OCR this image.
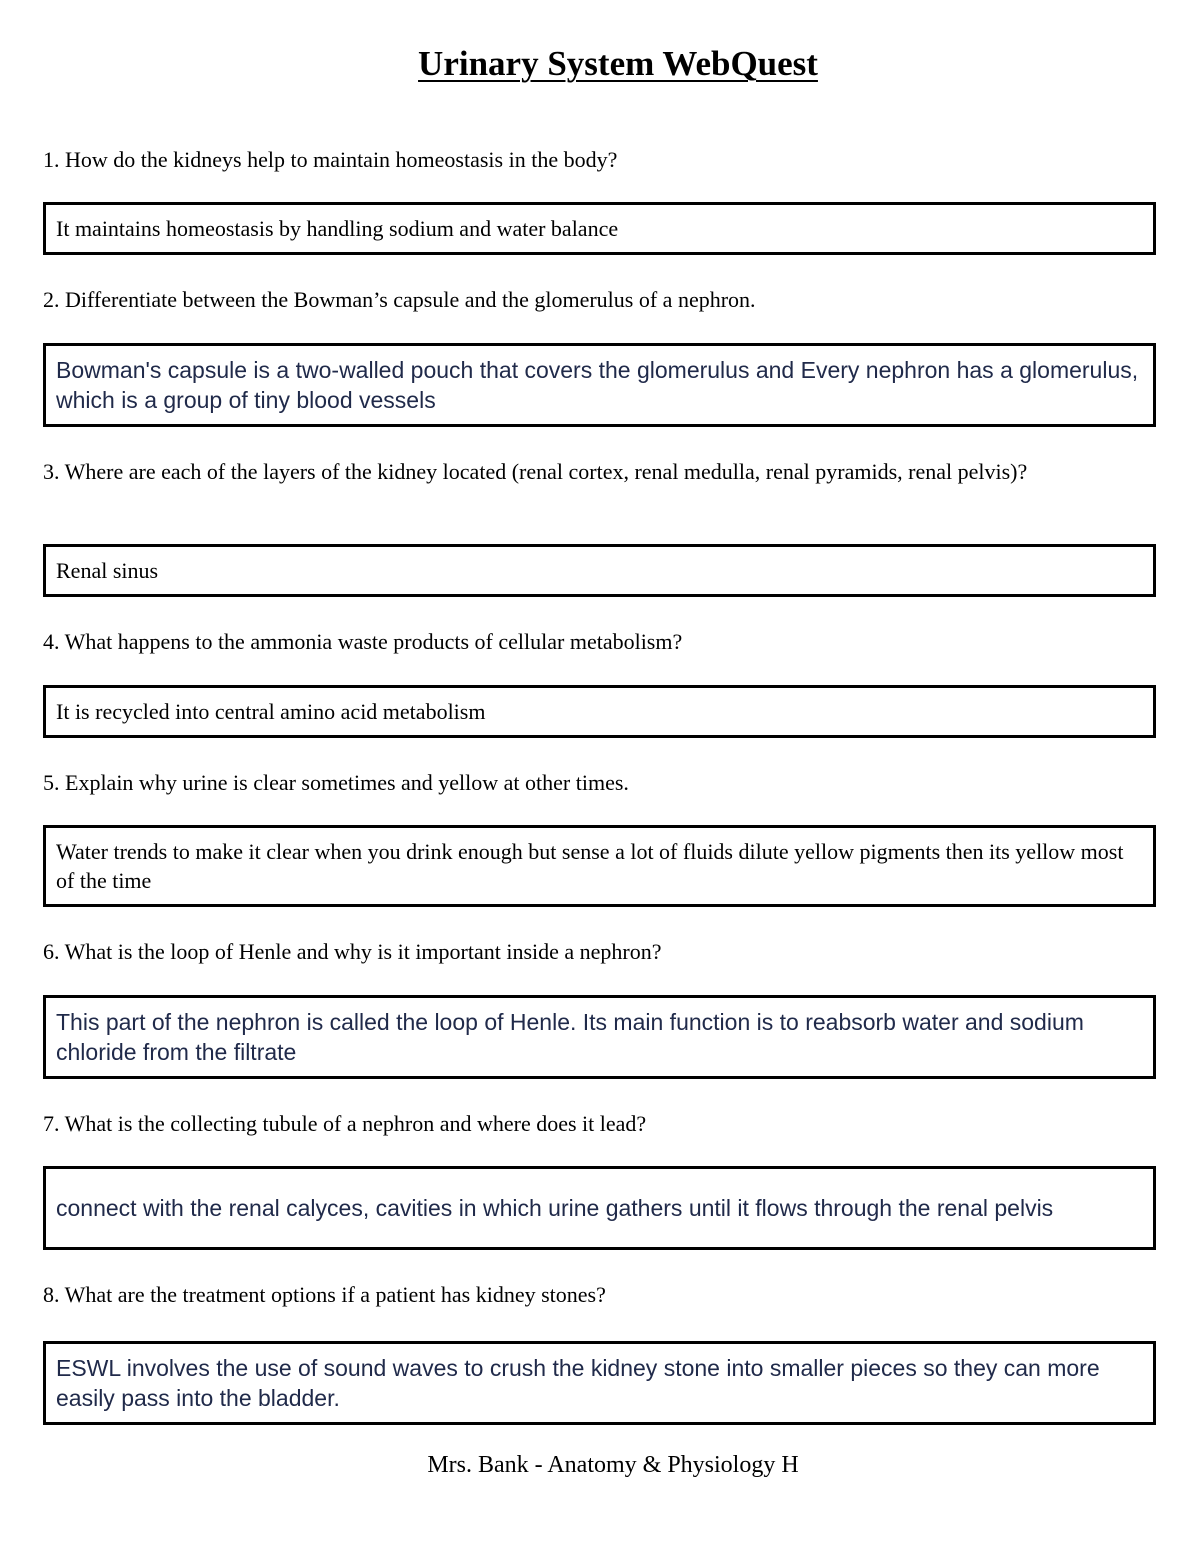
Urinary System WebQuest
1. How do the kidneys help to maintain homeostasis in the body?
It maintains homeostasis by handling sodium and water balance
2. Differentiate between the Bowman’s capsule and the glomerulus of a nephron.
Bowman's capsule is a two-walled pouch that covers the glomerulus and Every nephron has a glomerulus, which is a group of tiny blood vessels
3. Where are each of the layers of the kidney located (renal cortex, renal medulla, renal pyramids, renal pelvis)?
Renal sinus
4. What happens to the ammonia waste products of cellular metabolism?
It is recycled into central amino acid metabolism
5. Explain why urine is clear sometimes and yellow at other times.
Water trends to make it clear when you drink enough but sense a lot of fluids dilute yellow pigments then its yellow most of the time
6. What is the loop of Henle and why is it important inside a nephron?
This part of the nephron is called the loop of Henle. Its main function is to reabsorb water and sodium chloride from the filtrate
7. What is the collecting tubule of a nephron and where does it lead?
connect with the renal calyces, cavities in which urine gathers until it flows through the renal pelvis
8. What are the treatment options if a patient has kidney stones?
ESWL involves the use of sound waves to crush the kidney stone into smaller pieces so they can more easily pass into the bladder.
Mrs. Bank - Anatomy & Physiology H
